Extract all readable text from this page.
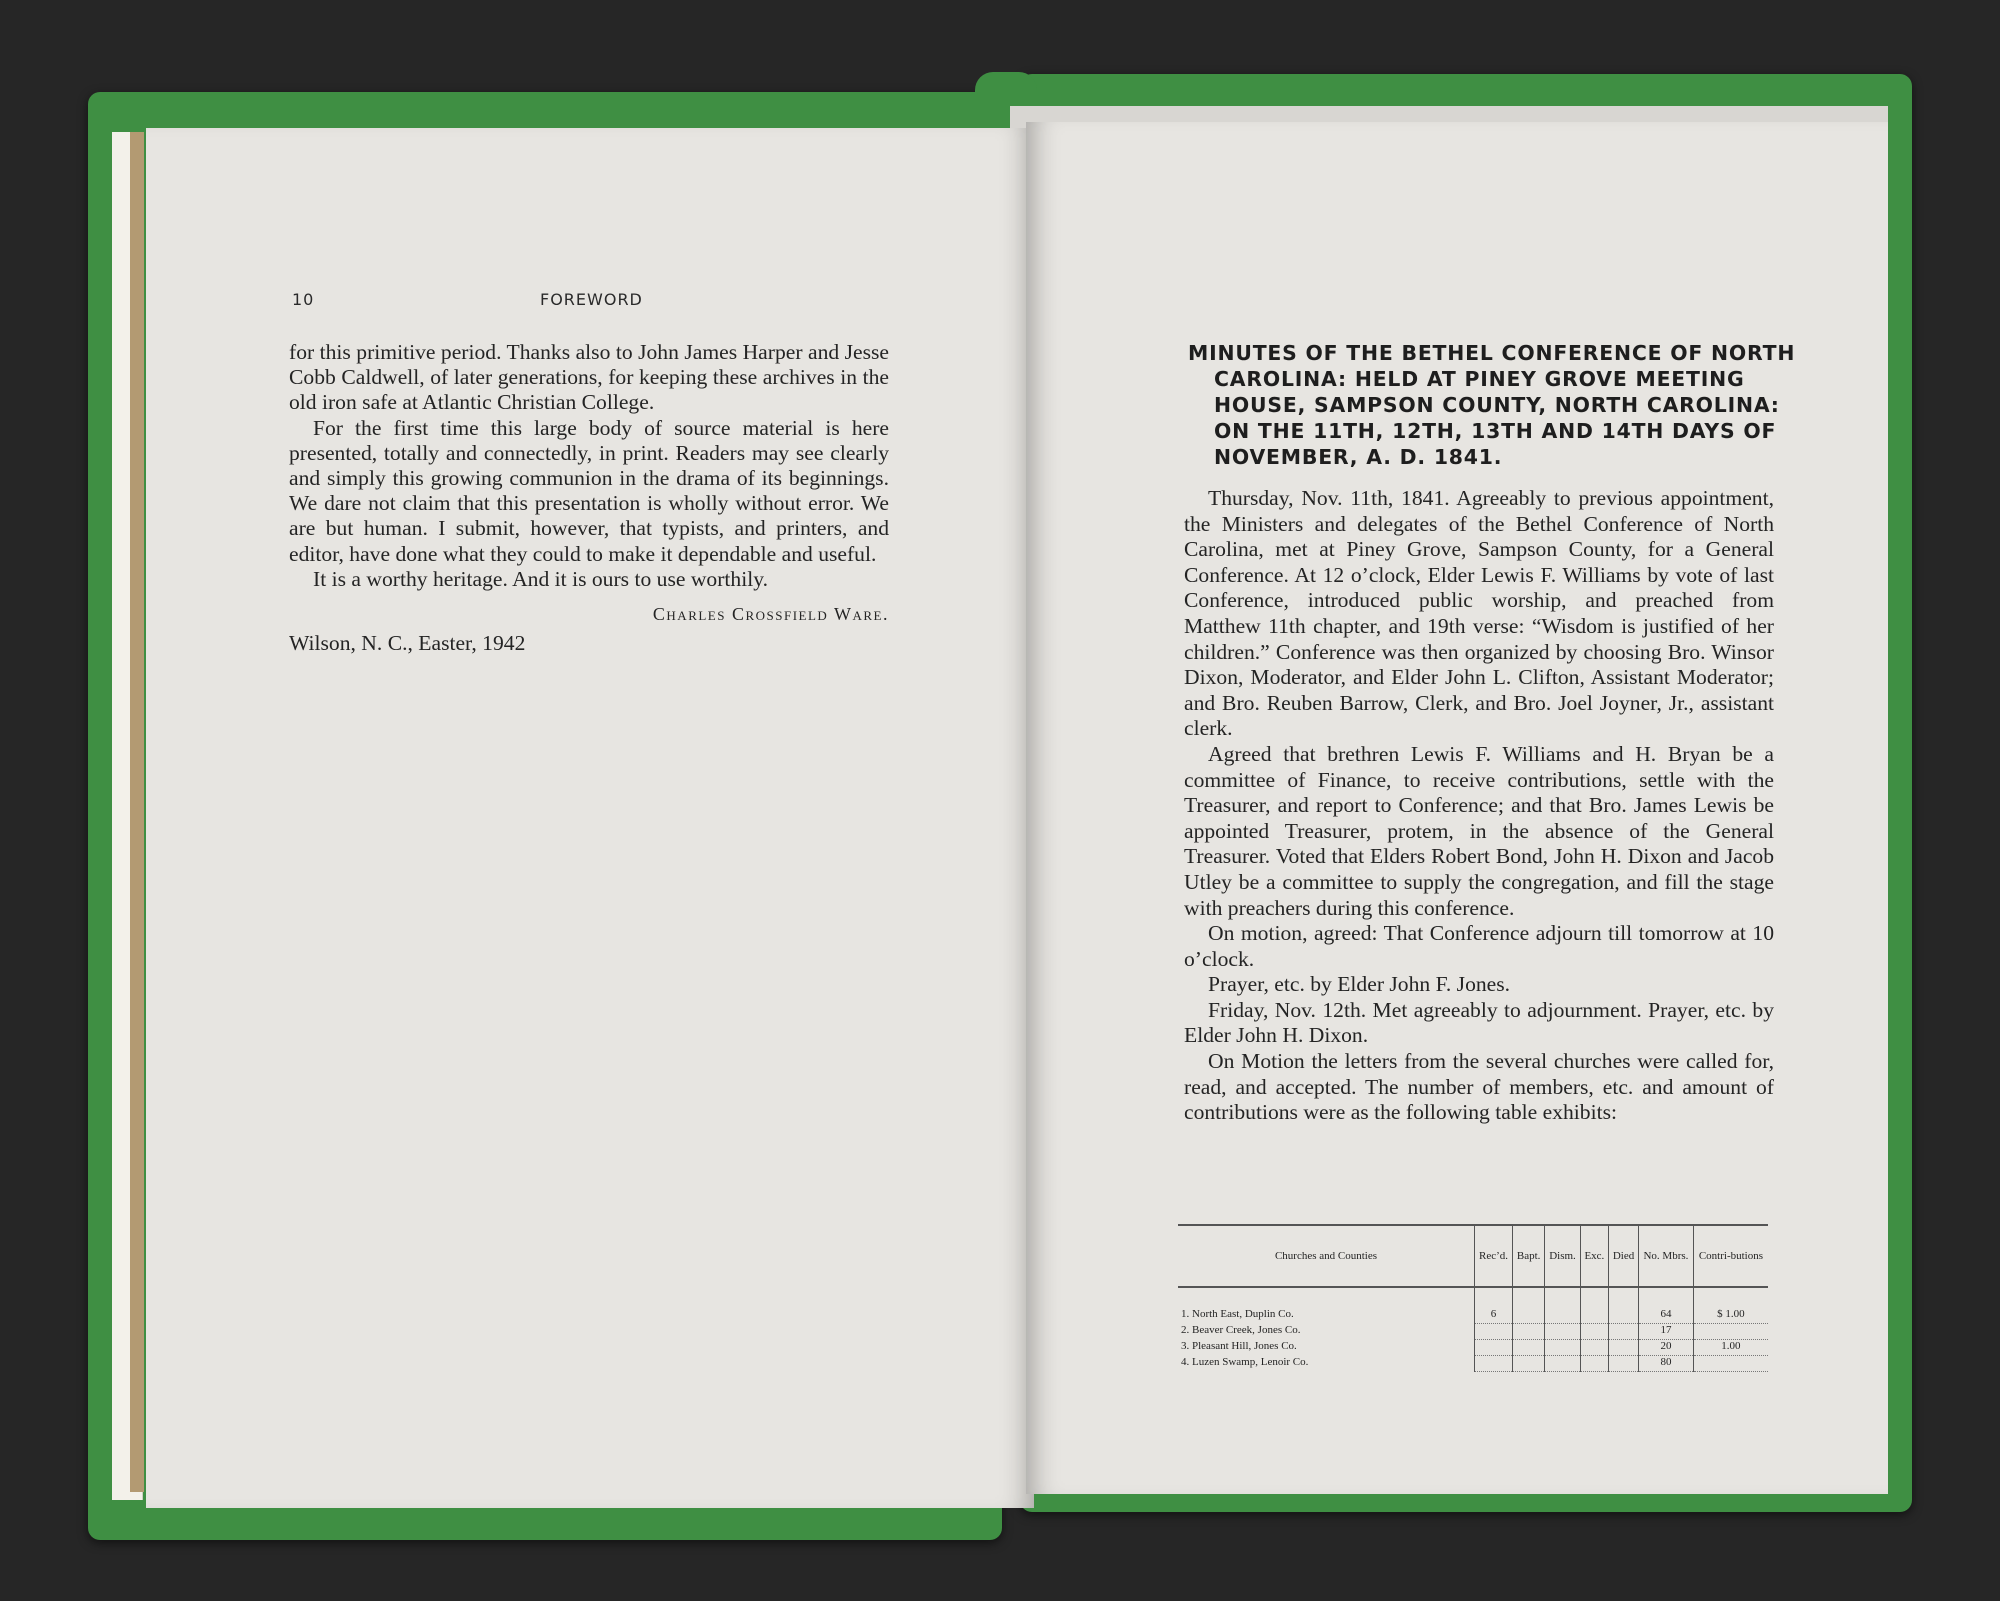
10	FOREWORD

for this primitive period. Thanks also to John James Harper and Jesse Cobb Caldwell, of later generations, for keeping these archives in the old iron safe at Atlantic Christian College.

For the first time this large body of source material is here presented, totally and connectedly, in print. Readers may see clearly and simply this growing communion in the drama of its beginnings. We dare not claim that this presentation is wholly without error. We are but human. I submit, however, that typists, and printers, and editor, have done what they could to make it dependable and useful.

It is a worthy heritage. And it is ours to use worthily.

Charles Crossfield Ware.

Wilson, N. C., Easter, 1942

MINUTES OF THE BETHEL CONFERENCE OF NORTH CAROLINA: HELD AT PINEY GROVE MEETING HOUSE, SAMPSON COUNTY, NORTH CAROLINA: ON THE 11TH, 12TH, 13TH AND 14TH DAYS OF NOVEMBER, A. D. 1841.

Thursday, Nov. 11th, 1841. Agreeably to previous appointment, the Ministers and delegates of the Bethel Conference of North Carolina, met at Piney Grove, Sampson County, for a General Conference. At 12 o’clock, Elder Lewis F. Williams by vote of last Conference, introduced public worship, and preached from Matthew 11th chapter, and 19th verse: “Wisdom is justified of her children.” Conference was then organized by choosing Bro. Winsor Dixon, Moderator, and Elder John L. Clifton, Assistant Moderator; and Bro. Reuben Barrow, Clerk, and Bro. Joel Joyner, Jr., assistant clerk.

Agreed that brethren Lewis F. Williams and H. Bryan be a committee of Finance, to receive contributions, settle with the Treasurer, and report to Conference; and that Bro. James Lewis be appointed Treasurer, protem, in the absence of the General Treasurer. Voted that Elders Robert Bond, John H. Dixon and Jacob Utley be a committee to supply the congregation, and fill the stage with preachers during this conference.

On motion, agreed: That Conference adjourn till tomorrow at 10 o’clock.

Prayer, etc. by Elder John F. Jones.

Friday, Nov. 12th. Met agreeably to adjournment. Prayer, etc. by Elder John H. Dixon.

On Motion the letters from the several churches were called for, read, and accepted. The number of members, etc. and amount of contributions were as the following table exhibits:

Churches and Counties	Rec’d.	Bapt.	Dism.	Exc.	Died	No. Mbrs.	Contri-butions
1. North East, Duplin Co.	6					64	$ 1.00
2. Beaver Creek, Jones Co.						17	
3. Pleasant Hill, Jones Co.						20	1.00
4. Luzen Swamp, Lenoir Co.						80	
